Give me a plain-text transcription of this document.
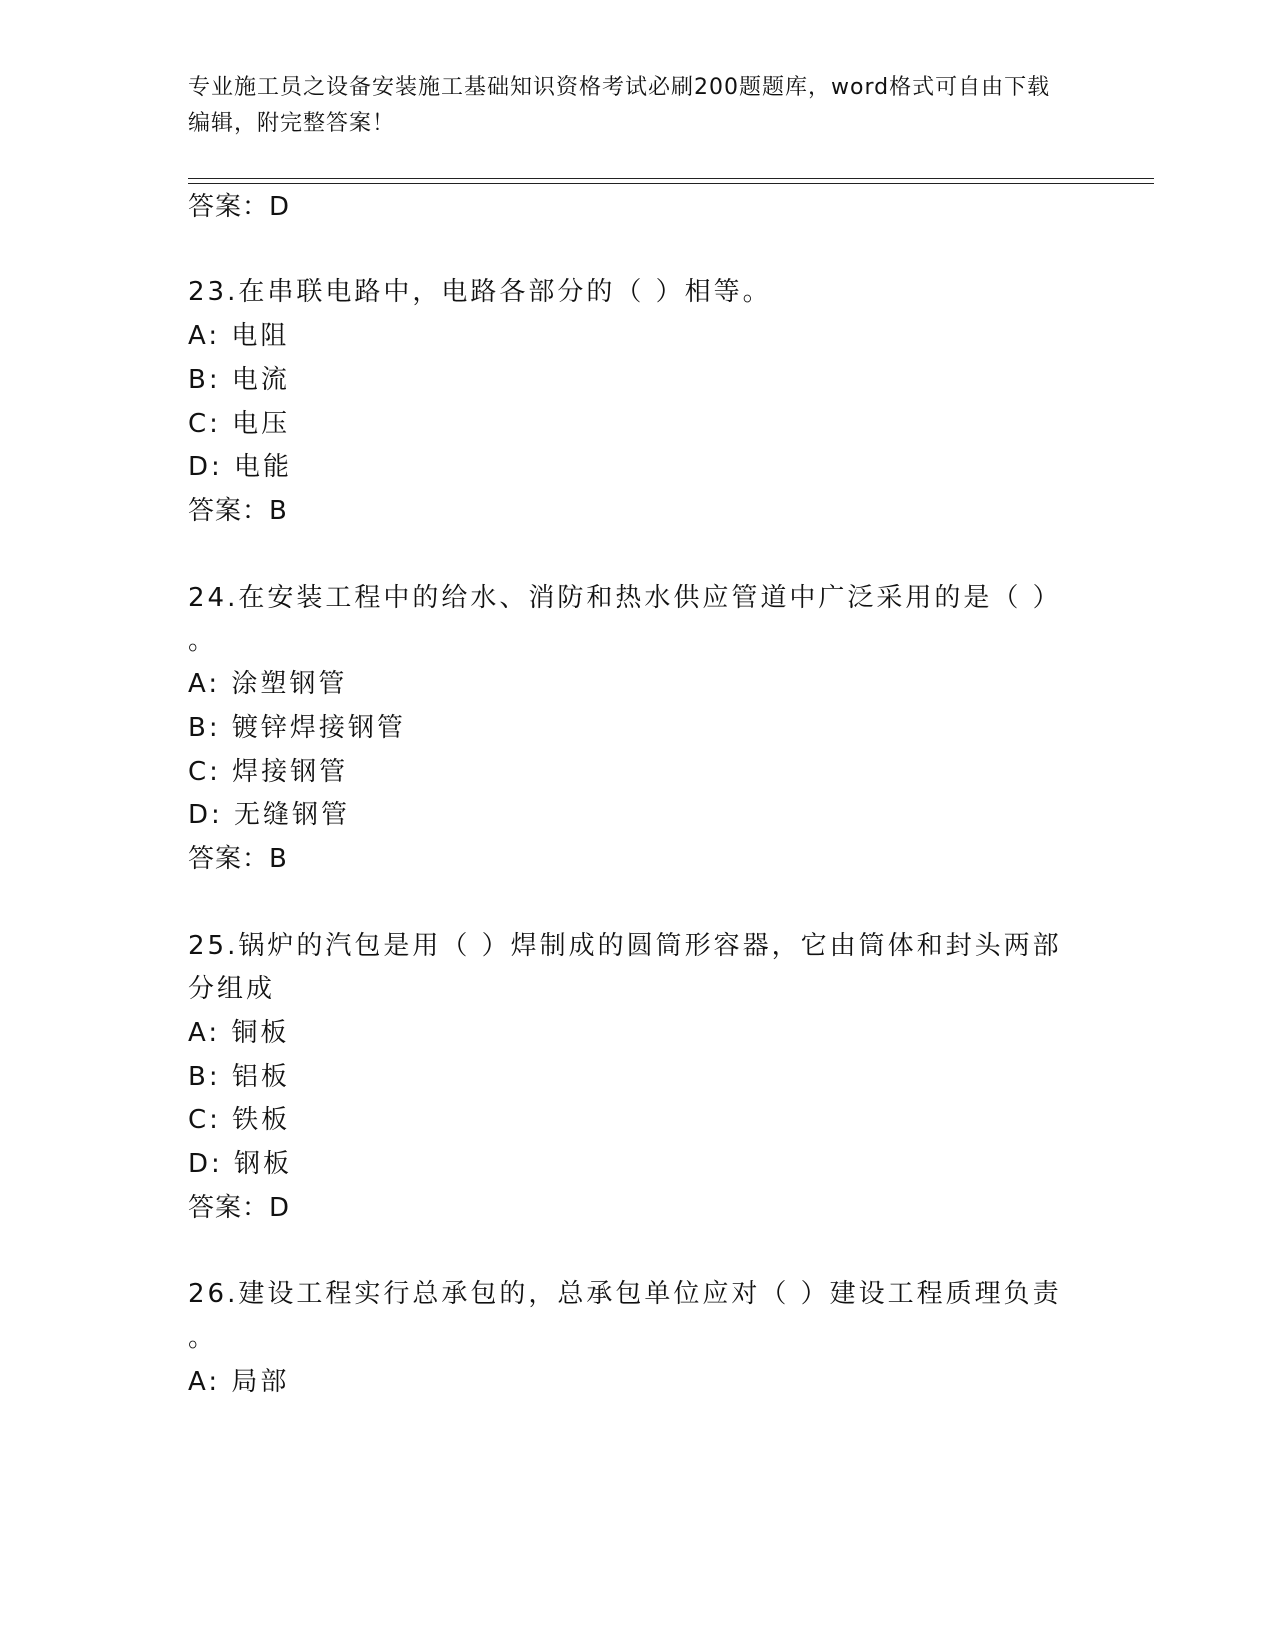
专业施工员之设备安装施工基础知识资格考试必刷200题题库，word格式可自由下载编辑，附完整答案！
答案：D
23.在串联电路中，电路各部分的（ ）相等。
A: 电阻
B: 电流
C: 电压
D: 电能
答案：B
24.在安装工程中的给水、消防和热水供应管道中广泛采用的是（ ）
。
A: 涂塑钢管
B: 镀锌焊接钢管
C: 焊接钢管
D: 无缝钢管
答案：B
25.锅炉的汽包是用（ ）焊制成的圆筒形容器，它由筒体和封头两部
分组成
A: 铜板
B: 铝板
C: 铁板
D: 钢板
答案：D
26.建设工程实行总承包的，总承包单位应对（ ）建设工程质理负责
。
A: 局部
